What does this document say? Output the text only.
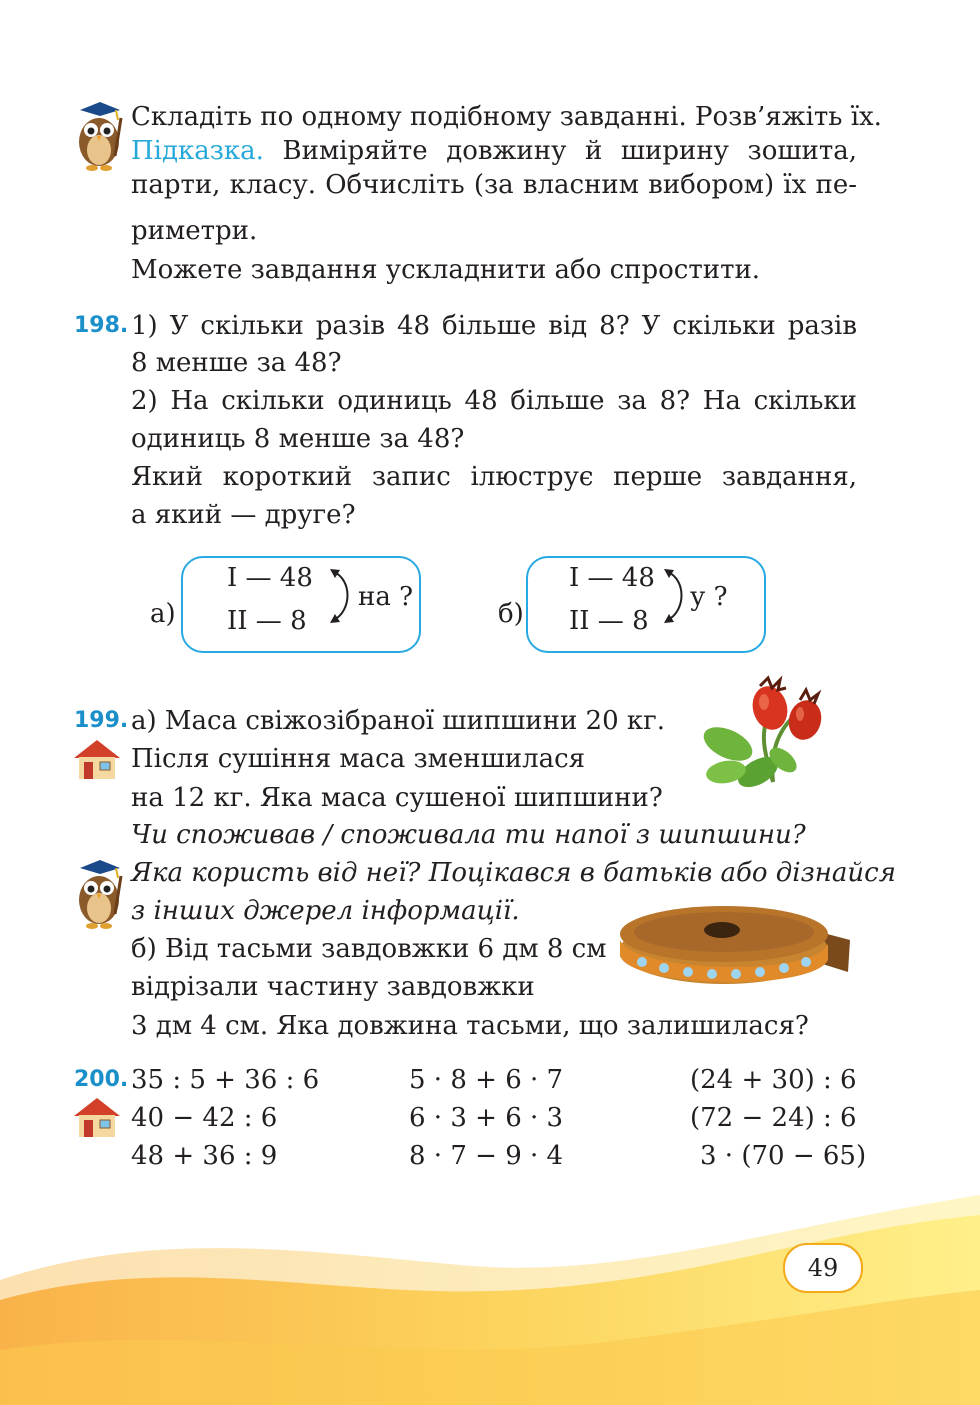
Складіть по одному подібному завданні. Розв’яжіть їх.
Підказка. Виміряйте довжину й ширину зошита,
парти, класу. Обчисліть (за власним вибором) їх пе-
риметри.
Можете завдання ускладнити або спростити.
198. 1) У скільки разів 48 більше від 8? У скільки разів
8 менше за 48?
2) На скільки одиниць 48 більше за 8? На скільки
одиниць 8 менше за 48?
Який короткий запис ілюструє перше завдання,
а який — друге?
а)
I — 48
II — 8
на ?
б)
I — 48
II — 8
у ?
199. а) Маса свіжозібраної шипшини 20 кг.
Після сушіння маса зменшилася
на 12 кг. Яка маса сушеної шипшини?
Чи споживав / споживала ти напої з шипшини?
Яка користь від неї? Поцікався в батьків або дізнайся
з інших джерел інформації.
б) Від тасьми завдовжки 6 дм 8 см
відрізали частину завдовжки
3 дм 4 см. Яка довжина тасьми, що залишилася?
200. 35 : 5 + 36 : 6
40 − 42 : 6
48 + 36 : 9
5 · 8 + 6 · 7
6 · 3 + 6 · 3
8 · 7 − 9 · 4
(24 + 30) : 6
(72 − 24) : 6
3 · (70 − 65)
49
